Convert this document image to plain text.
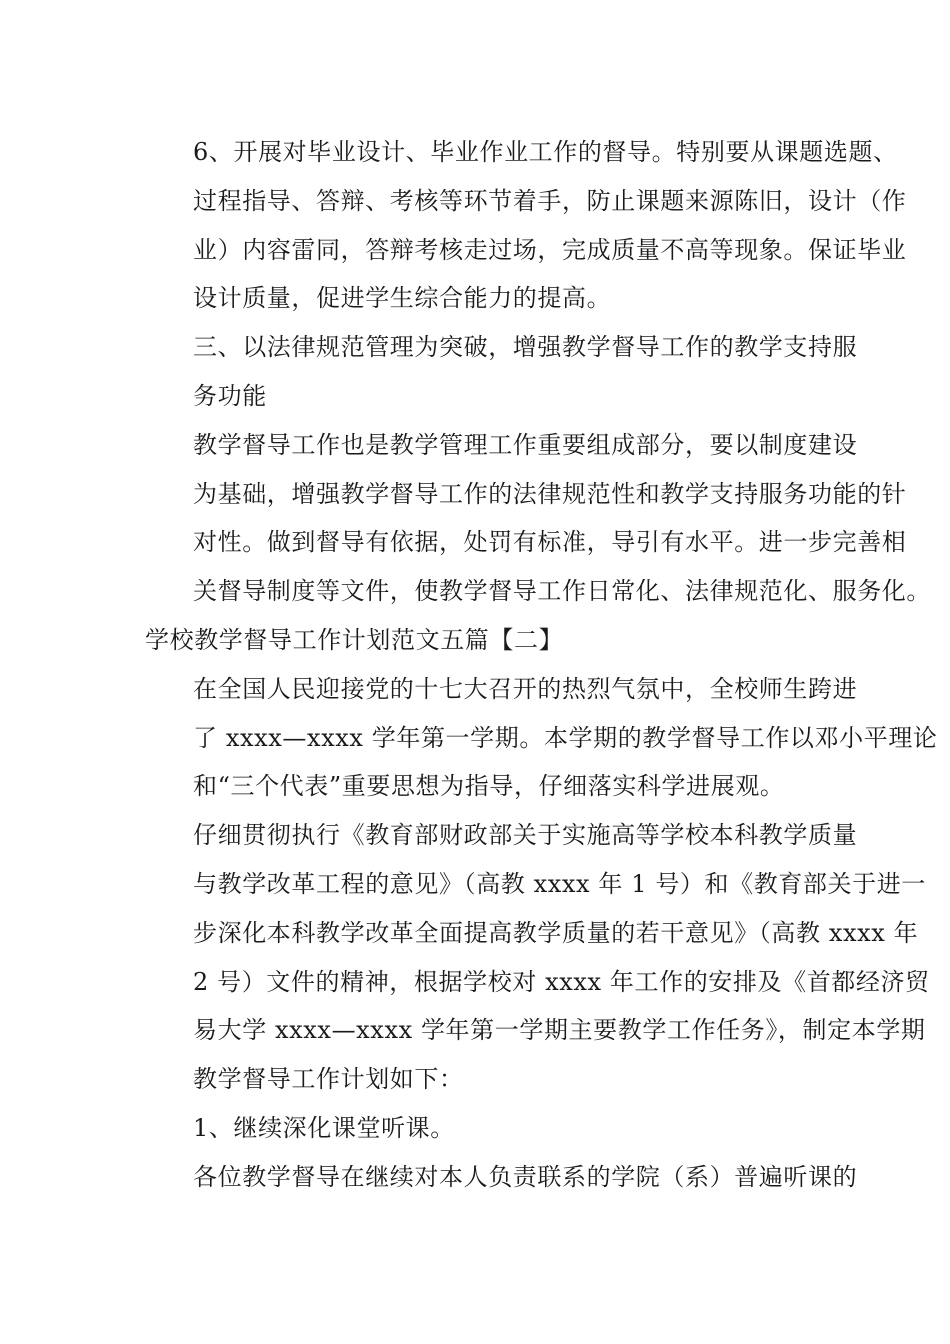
6、开展对毕业设计、毕业作业工作的督导。特别要从课题选题、
过程指导、答辩、考核等环节着手，防止课题来源陈旧，设计（作
业）内容雷同，答辩考核走过场，完成质量不高等现象。保证毕业
设计质量，促进学生综合能力的提高。

三、以法律规范管理为突破，增强教学督导工作的教学支持服
务功能

教学督导工作也是教学管理工作重要组成部分，要以制度建设
为基础，增强教学督导工作的法律规范性和教学支持服务功能的针
对性。做到督导有依据，处罚有标准，导引有水平。进一步完善相
关督导制度等文件，使教学督导工作日常化、法律规范化、服务化。

学校教学督导工作计划范文五篇【二】

在全国人民迎接党的十七大召开的热烈气氛中，全校师生跨进
了 xxxx—xxxx 学年第一学期。本学期的教学督导工作以邓小平理论
和“三个代表”重要思想为指导，仔细落实科学进展观。

仔细贯彻执行《教育部财政部关于实施高等学校本科教学质量
与教学改革工程的意见》（高教 xxxx 年 1 号）和《教育部关于进一
步深化本科教学改革全面提高教学质量的若干意见》（高教 xxxx 年
2 号）文件的精神，根据学校对 xxxx 年工作的安排及《首都经济贸
易大学 xxxx—xxxx 学年第一学期主要教学工作任务》，制定本学期
教学督导工作计划如下：

1、继续深化课堂听课。

各位教学督导在继续对本人负责联系的学院（系）普遍听课的
